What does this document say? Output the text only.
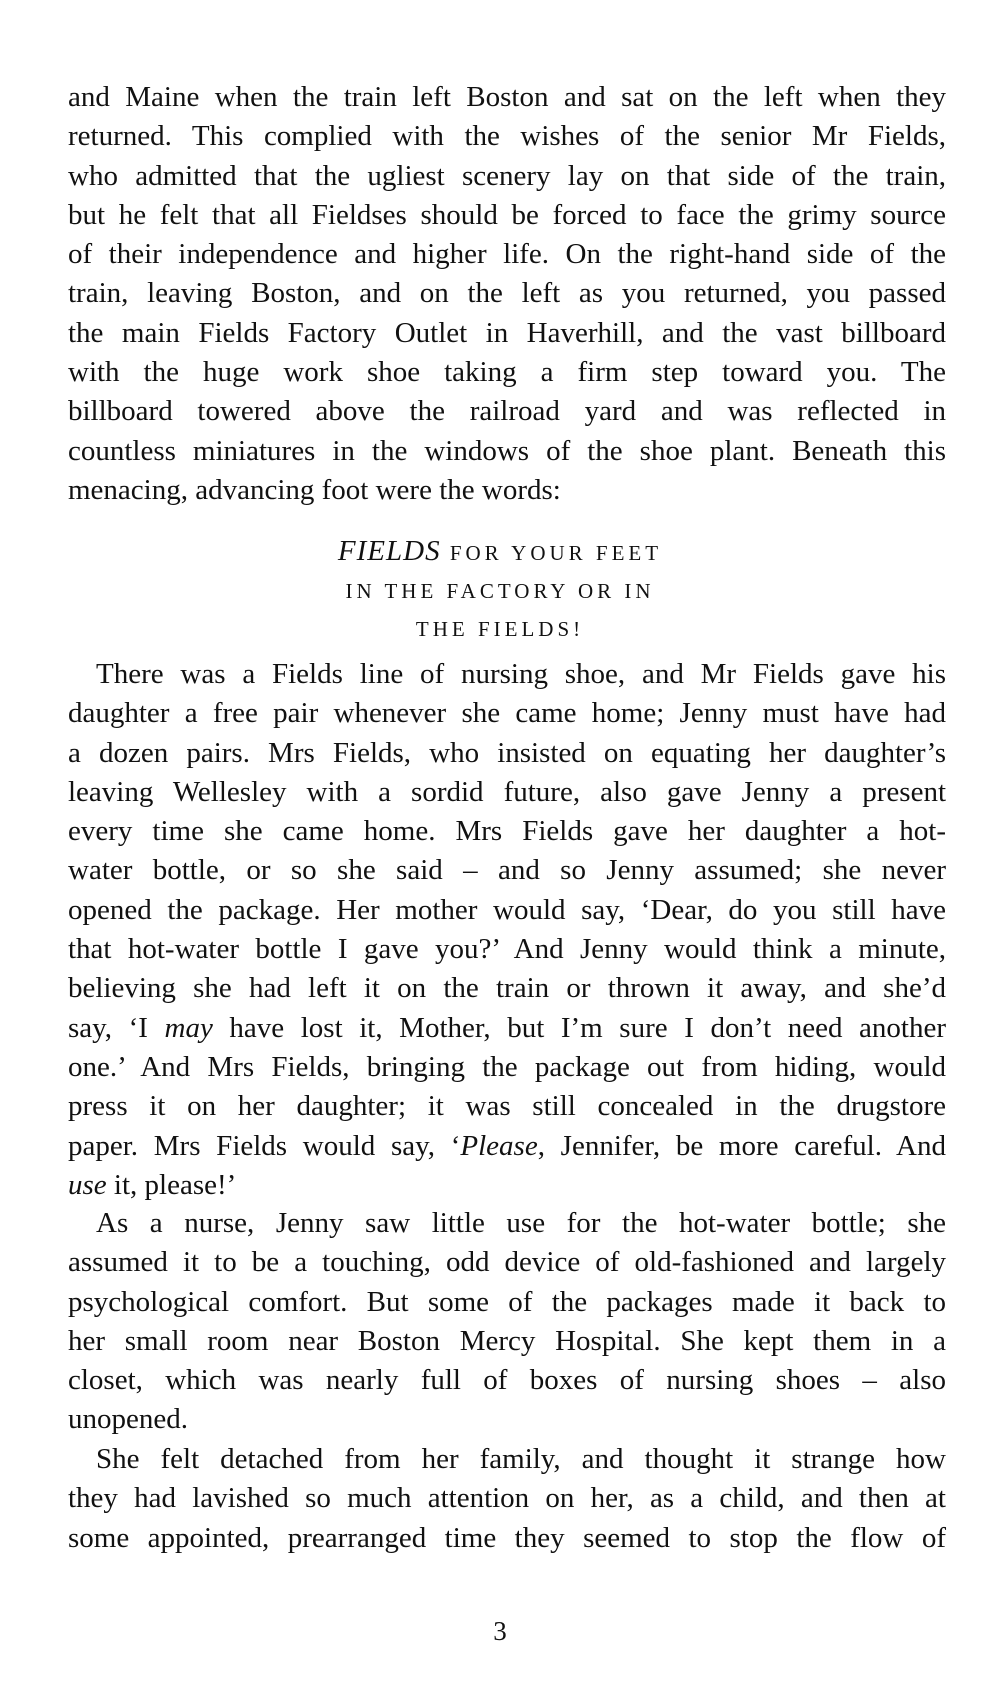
and Maine when the train left Boston and sat on the left when they
returned. This complied with the wishes of the senior Mr Fields,
who admitted that the ugliest scenery lay on that side of the train,
but he felt that all Fieldses should be forced to face the grimy source
of their independence and higher life. On the right-hand side of the
train, leaving Boston, and on the left as you returned, you passed
the main Fields Factory Outlet in Haverhill, and the vast billboard
with the huge work shoe taking a firm step toward you. The
billboard towered above the railroad yard and was reflected in
countless miniatures in the windows of the shoe plant. Beneath this
menacing, advancing foot were the words:
FIELDS FOR YOUR FEET
IN THE FACTORY OR IN
THE FIELDS!
There was a Fields line of nursing shoe, and Mr Fields gave his
daughter a free pair whenever she came home; Jenny must have had
a dozen pairs. Mrs Fields, who insisted on equating her daughter’s
leaving Wellesley with a sordid future, also gave Jenny a present
every time she came home. Mrs Fields gave her daughter a hot-
water bottle, or so she said – and so Jenny assumed; she never
opened the package. Her mother would say, ‘Dear, do you still have
that hot-water bottle I gave you?’ And Jenny would think a minute,
believing she had left it on the train or thrown it away, and she’d
say, ‘I may have lost it, Mother, but I’m sure I don’t need another
one.’ And Mrs Fields, bringing the package out from hiding, would
press it on her daughter; it was still concealed in the drugstore
paper. Mrs Fields would say, ‘Please, Jennifer, be more careful. And
use it, please!’
As a nurse, Jenny saw little use for the hot-water bottle; she
assumed it to be a touching, odd device of old-fashioned and largely
psychological comfort. But some of the packages made it back to
her small room near Boston Mercy Hospital. She kept them in a
closet, which was nearly full of boxes of nursing shoes – also
unopened.
She felt detached from her family, and thought it strange how
they had lavished so much attention on her, as a child, and then at
some appointed, prearranged time they seemed to stop the flow of
3
